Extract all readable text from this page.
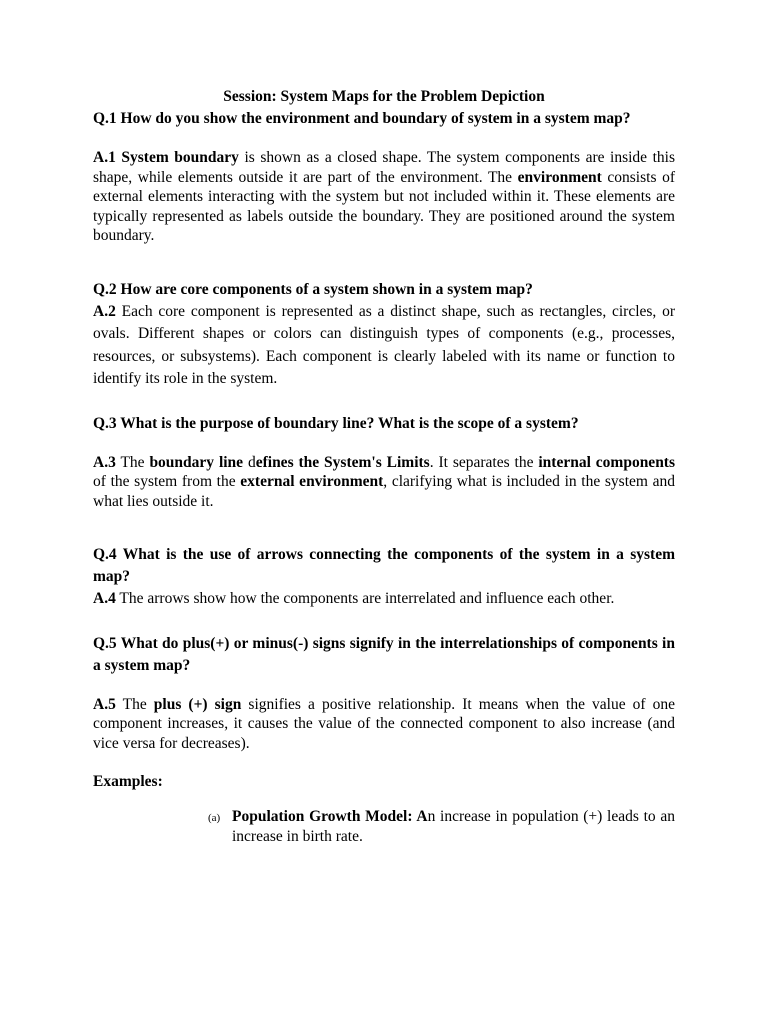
Session: System Maps for the Problem Depiction

Q.1 How do you show the environment and boundary of system in a system map?

A.1 System boundary is shown as a closed shape. The system components are inside this shape, while elements outside it are part of the environment. The environment consists of external elements interacting with the system but not included within it. These elements are typically represented as labels outside the boundary. They are positioned around the system boundary.

Q.2 How are core components of a system shown in a system map?

A.2 Each core component is represented as a distinct shape, such as rectangles, circles, or ovals. Different shapes or colors can distinguish types of components (e.g., processes, resources, or subsystems). Each component is clearly labeled with its name or function to identify its role in the system.

Q.3 What is the purpose of boundary line? What is the scope of a system?

A.3 The boundary line defines the System's Limits. It separates the internal components of the system from the external environment, clarifying what is included in the system and what lies outside it.

Q.4 What is the use of arrows connecting the components of the system in a system map?

A.4 The arrows show how the components are interrelated and influence each other.

Q.5 What do plus(+) or minus(-) signs signify in the interrelationships of components in a system map?

A.5 The plus (+) sign signifies a positive relationship. It means when the value of one component increases, it causes the value of the connected component to also increase (and vice versa for decreases).

Examples:

(a) Population Growth Model: An increase in population (+) leads to an increase in birth rate.
